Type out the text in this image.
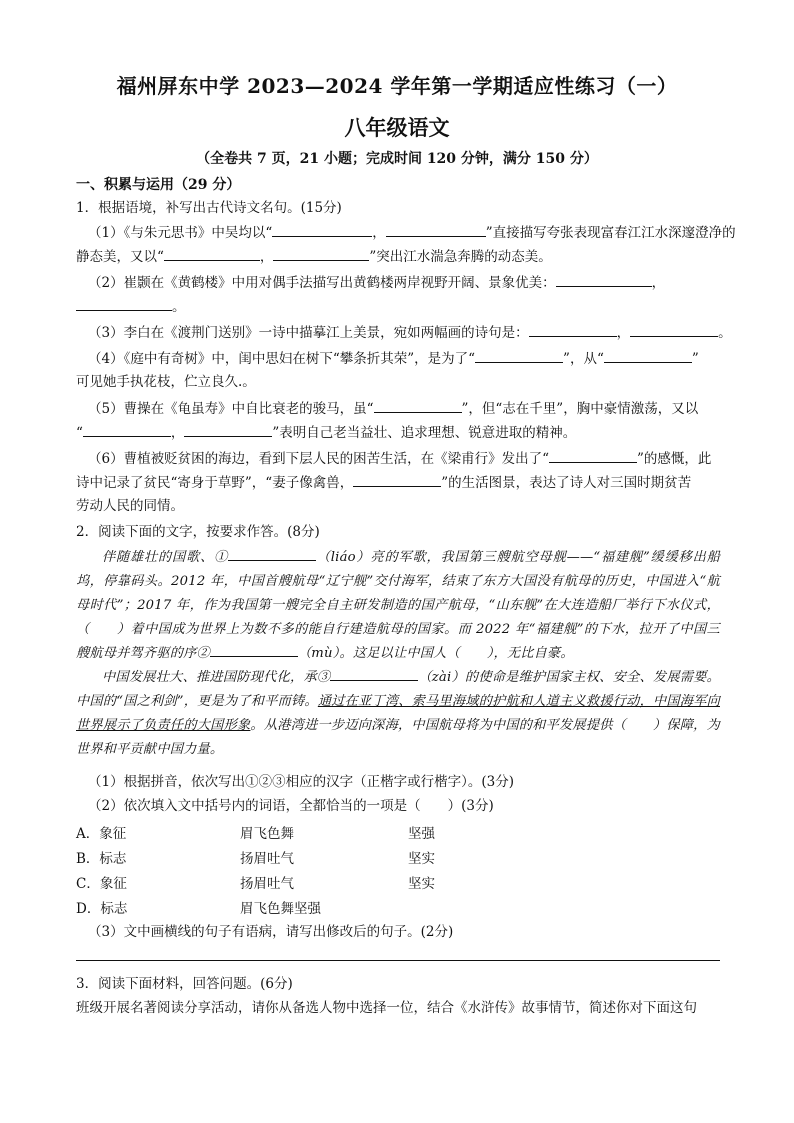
福州屏东中学 2023—2024 学年第一学期适应性练习（一）
八年级语文
（全卷共 7 页，21 小题；完成时间 120 分钟，满分 150 分）
一、积累与运用（29 分）
1．根据语境，补写出古代诗文名句。(15分)
（1）《与朱元思书》中吴均以“	，	”直接描写夸张表现富春江江水深邃澄净的
静态美，又以“	，	”突出江水湍急奔腾的动态美。
（2）崔颢在《黄鹤楼》中用对偶手法描写出黄鹤楼两岸视野开阔、景象优美：	，
。
（3）李白在《渡荆门送别》一诗中描摹江上美景，宛如两幅画的诗句是：	，	。
（4）《庭中有奇树》中，闺中思妇在树下“攀条折其荣”，是为了“	”，从“	”
可见她手执花枝，伫立良久.。
（5）曹操在《龟虽寿》中自比衰老的骏马，虽“	”，但“志在千里”，胸中豪情激荡，又以
“	，	”表明自己老当益壮、追求理想、锐意进取的精神。
（6）曹植被贬贫困的海边，看到下层人民的困苦生活，在《梁甫行》发出了“	”的感慨，此
诗中记录了贫民“寄身于草野”，“妻子像禽兽，	”的生活图景，表达了诗人对三国时期贫苦
劳动人民的同情。
2．阅读下面的文字，按要求作答。(8分)

伴随雄壮的国歌、①	（liáo）亮的军歌，我国第三艘航空母舰——“福建舰”缓缓移出船坞，停靠码头。2012 年，中国首艘航母“辽宁舰”交付海军，结束了东方大国没有航母的历史，中国进入“航母时代”；2017 年，作为我国第一艘完全自主研发制造的国产航母，“山东舰”在大连造船厂举行下水仪式，（　　）着中国成为世界上为数不多的能自行建造航母的国家。而 2022 年“福建舰”的下水，拉开了中国三艘航母并驾齐驱的序②	（mù）。这足以让中国人（　　），无比自豪。

中国发展壮大、推进国防现代化，承③	（zài）的使命是维护国家主权、安全、发展需要。中国的“国之利剑”，更是为了和平而铸。通过在亚丁湾、索马里海域的护航和人道主义救援行动，中国海军向世界展示了负责任的大国形象。从港湾进一步迈向深海，中国航母将为中国的和平发展提供（　　）保障，为世界和平贡献中国力量。

（1）根据拼音，依次写出①②③相应的汉字（正楷字或行楷字）。(3分)
（2）依次填入文中括号内的词语，全都恰当的一项是（　　）(3分)
A．象征	眉飞色舞	坚强
B．标志	扬眉吐气	坚实
C．象征	扬眉吐气	坚实
D．标志	眉飞色舞坚强
（3）文中画横线的句子有语病，请写出修改后的句子。(2分)
3．阅读下面材料，回答问题。(6分)
班级开展名著阅读分享活动，请你从备选人物中选择一位，结合《水浒传》故事情节，简述你对下面这句
